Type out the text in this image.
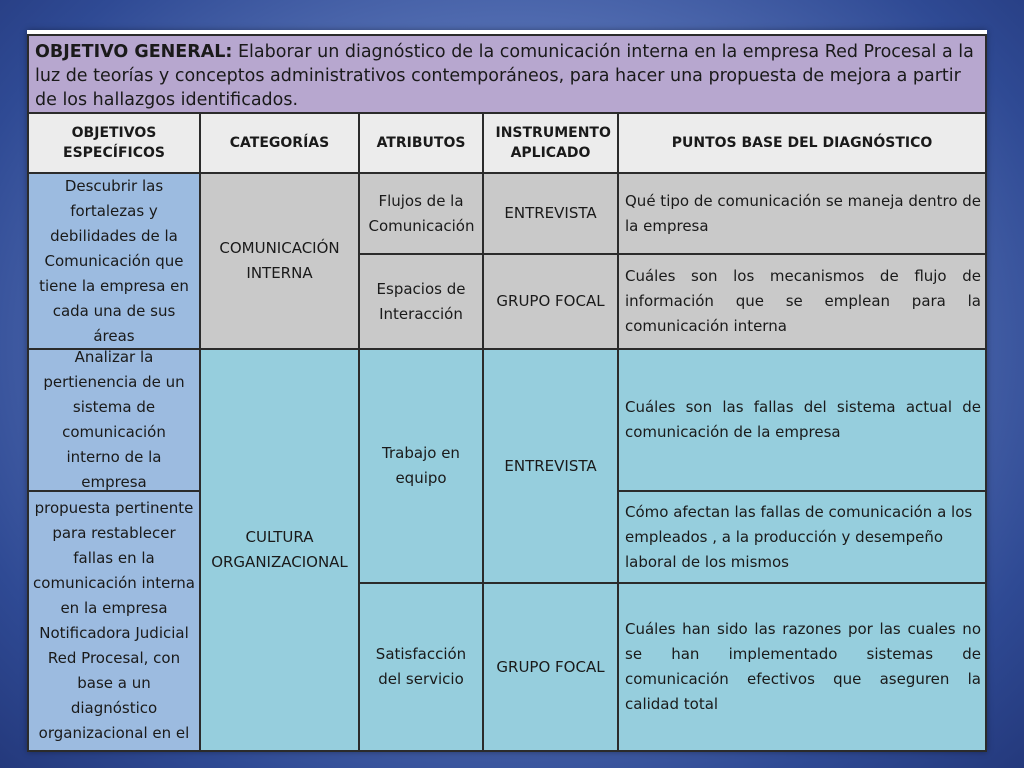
OBJETIVO GENERAL: Elaborar un diagnóstico de la comunicación interna en la empresa Red Procesal a la luz de teorías y conceptos administrativos contemporáneos, para hacer una propuesta de mejora a partir de los hallazgos identificados.
OBJETIVOS ESPECÍFICOS
CATEGORÍAS	ATRIBUTOS
INSTRUMENTO APLICADO
PUNTOS BASE DEL DIAGNÓSTICO
Descubrir las fortalezas y debilidades de la Comunicación que tiene la empresa en cada una de sus áreas
Analizar la pertienencia de un sistema de comunicación interno de la empresa
propuesta pertinente para restablecer fallas en la comunicación interna en la empresa Notificadora Judicial Red Procesal, con base a un diagnóstico organizacional en el
COMUNICACIÓN INTERNA
CULTURA ORGANIZACIONAL
Flujos de la Comunicación
Espacios de Interacción
Trabajo en equipo
Satisfacción del servicio
ENTREVISTA
GRUPO FOCAL
ENTREVISTA
GRUPO FOCAL
Qué tipo de comunicación se maneja dentro de la empresa
Cuáles son los mecanismos de flujo de información que se emplean para la comunicación interna
Cuáles son las fallas del sistema actual de comunicación de la empresa
Cómo afectan las fallas de comunicación a los empleados , a la producción y desempeño laboral de los mismos
Cuáles han sido las razones por las cuales no se han implementado sistemas de comunicación efectivos que aseguren la calidad total
